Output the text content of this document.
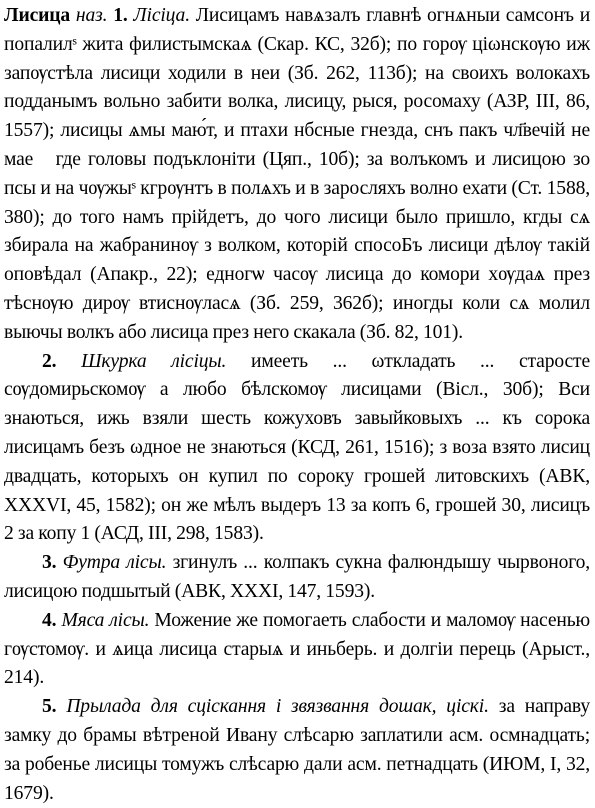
Лисица наз. 1. Лісіца. Лисицамъ навѧзалъ главнѣ огнѧныи самсонъ и попалилˢ жита филистымскаѧ (Скар. КС, 32б); по горѹ ціωнскѹю иж запѹстѣла лисици ходили в неи (Зб. 262, 113б); на своихъ волокахъ подданымъ вольно забити волка, лисицу, рыся, росомаху (АЗР, III, 86, 1557); лисицы ѧмы маю́т, и птахи нбсные гнезда, снъ пакъ чл҃вечій не маеⷮ где головы подъклоніти (Цяп., 10б); за волъкомъ и лисицою зо псы и на чѹжыˢ кгрѹнтъ в полѧхъ и в заросляхъ волно ехати (Ст. 1588, 380); до того намъ прійдетъ, до чого лисици было пришло, кгды сѧ збирала на жабранинѹ з волком, которій спосоБъ лисици дѣлѹ такій оповѣдал (Апакр., 22); едногѡ часѹ лисица до комори хѹдаѧ през тѣснѹю дирѹ втиснѹласѧ (Зб. 259, 362б); иногды коли сѧ молил выючы волкъ або лисица през него скакала (Зб. 82, 101).

2. Шкурка лісіцы. имееть ... ωткладать ... старосте сѹдомирьскомѹ а любо бѣлскомѹ лисицами (Вісл., 30б); Вси знаються, ижь взяли шесть кожуховъ завыйковыхъ ... къ сорока лисицамъ безъ ωдное не знаються (КСД, 261, 1516); з воза взято лисиц двадцать, которыхъ он купил по сороку грошей литовскихъ (АВК, XXXVI, 45, 1582); он же мѣлъ выдеръ 13 за копъ 6, грошей 30, лисицъ 2 за копу 1 (АСД, III, 298, 1583).

3. Футра лісы. згинулъ ... колпакъ сукна фалюндышу чырвоного, лисицою подшытый (АВК, XXXI, 147, 1593).

4. Мяса лісы. Можение же помогаеть слабости и маломѹ насенью гѹстомѹ. и ѧица лисица старыѧ и иньберь. и долгіи перець (Арыст., 214).

5. Прылада для сціскання і звязвання дошак, ціскі. за направу замку до брамы вѣтреной Ивану слѣсарю заплатили асм. осмнадцать; за робенье лисицы томужъ слѣсарю дали асм. петнадцать (ИЮМ, I, 32, 1679).
